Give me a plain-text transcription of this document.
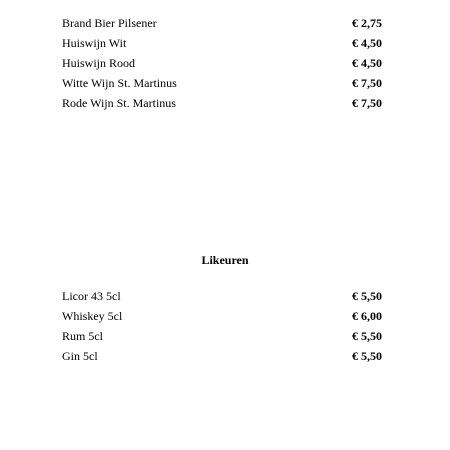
Brand Bier Pilsener	€ 2,75
Huiswijn Wit	€ 4,50
Huiswijn Rood	€ 4,50
Witte Wijn St. Martinus	€ 7,50
Rode Wijn St. Martinus	€ 7,50
Likeuren
Licor 43 5cl	€ 5,50
Whiskey 5cl	€ 6,00
Rum 5cl	€ 5,50
Gin 5cl	€ 5,50
